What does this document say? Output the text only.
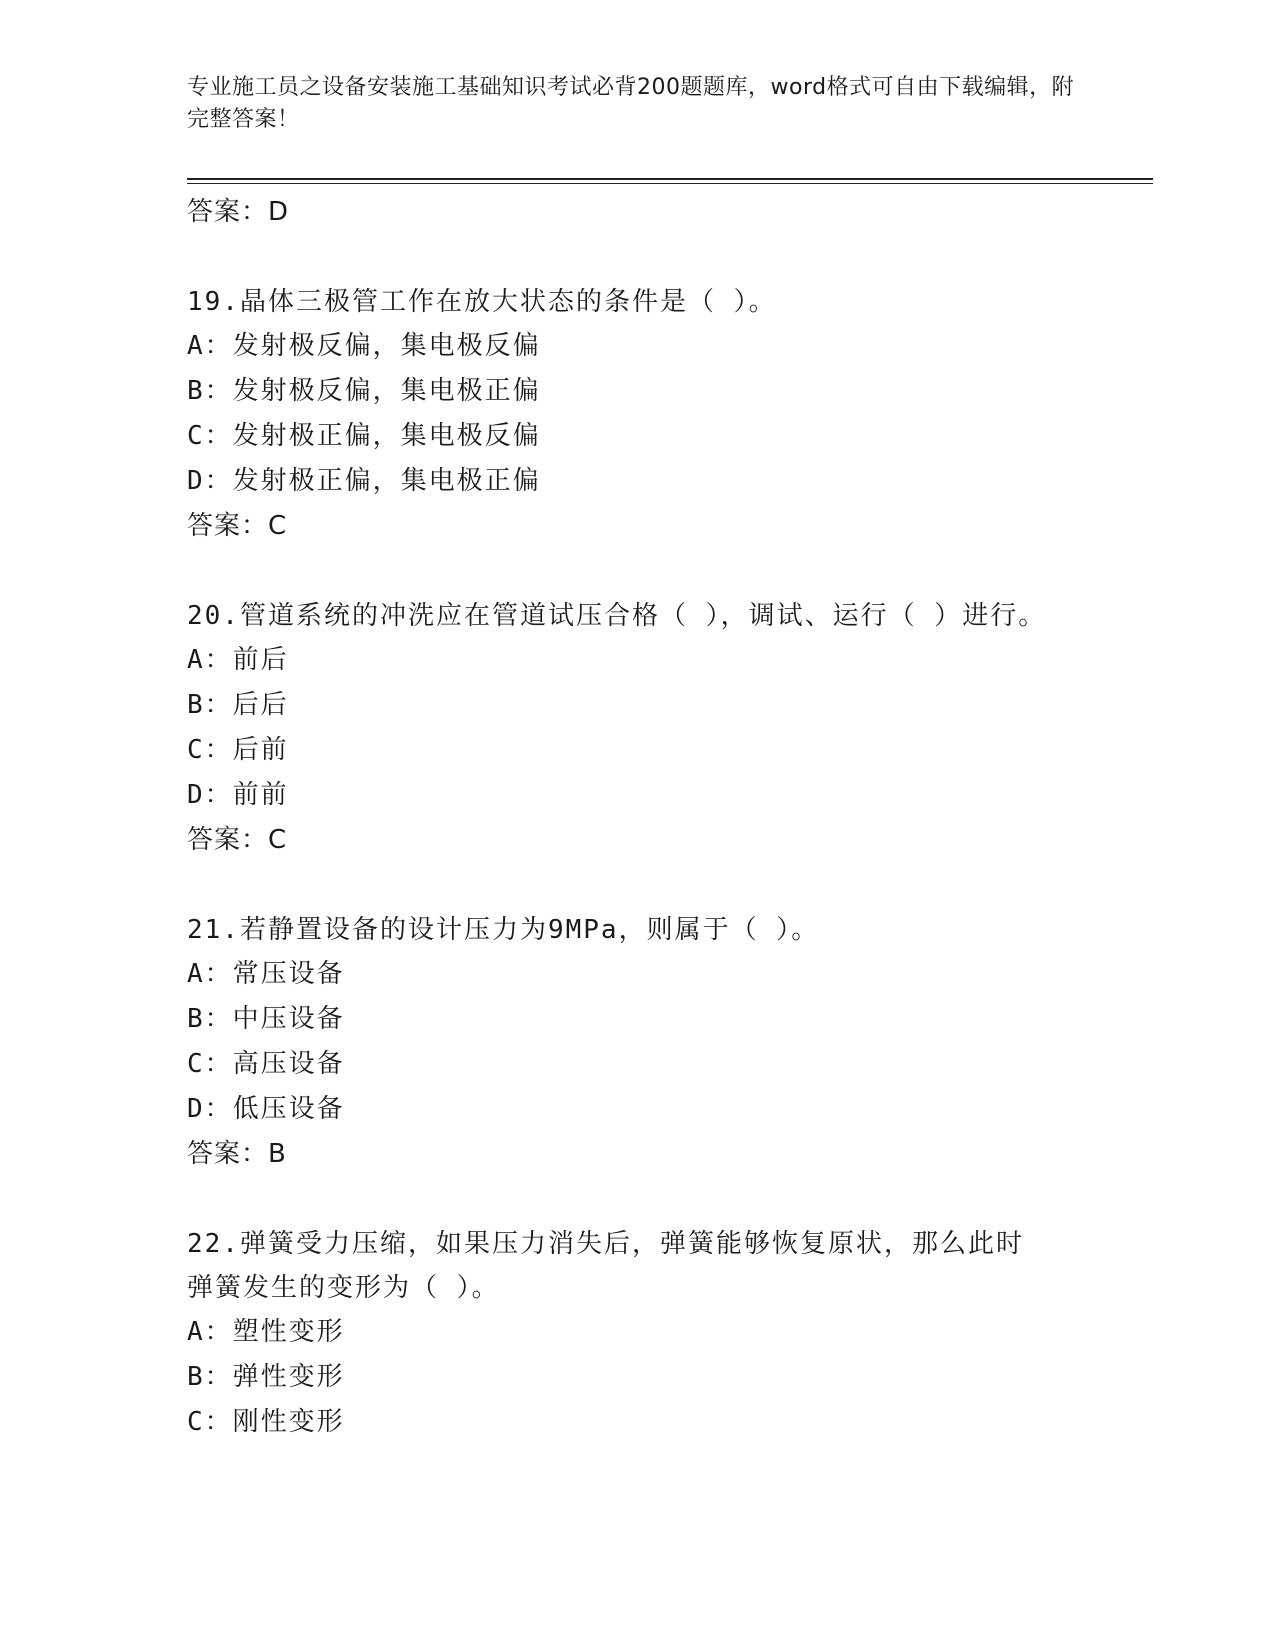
专业施工员之设备安装施工基础知识考试必背200题题库，word格式可自由下载编辑，附完整答案！
答案：D
19.晶体三极管工作在放大状态的条件是（ ）。
A：发射极反偏，集电极反偏
B：发射极反偏，集电极正偏
C：发射极正偏，集电极反偏
D：发射极正偏，集电极正偏
答案：C
20.管道系统的冲洗应在管道试压合格（ ），调试、运行（ ）进行。
A：前后
B：后后
C：后前
D：前前
答案：C
21.若静置设备的设计压力为9MPa，则属于（ ）。
A：常压设备
B：中压设备
C：高压设备
D：低压设备
答案：B
22.弹簧受力压缩，如果压力消失后，弹簧能够恢复原状，那么此时弹簧发生的变形为（ ）。
A：塑性变形
B：弹性变形
C：刚性变形
